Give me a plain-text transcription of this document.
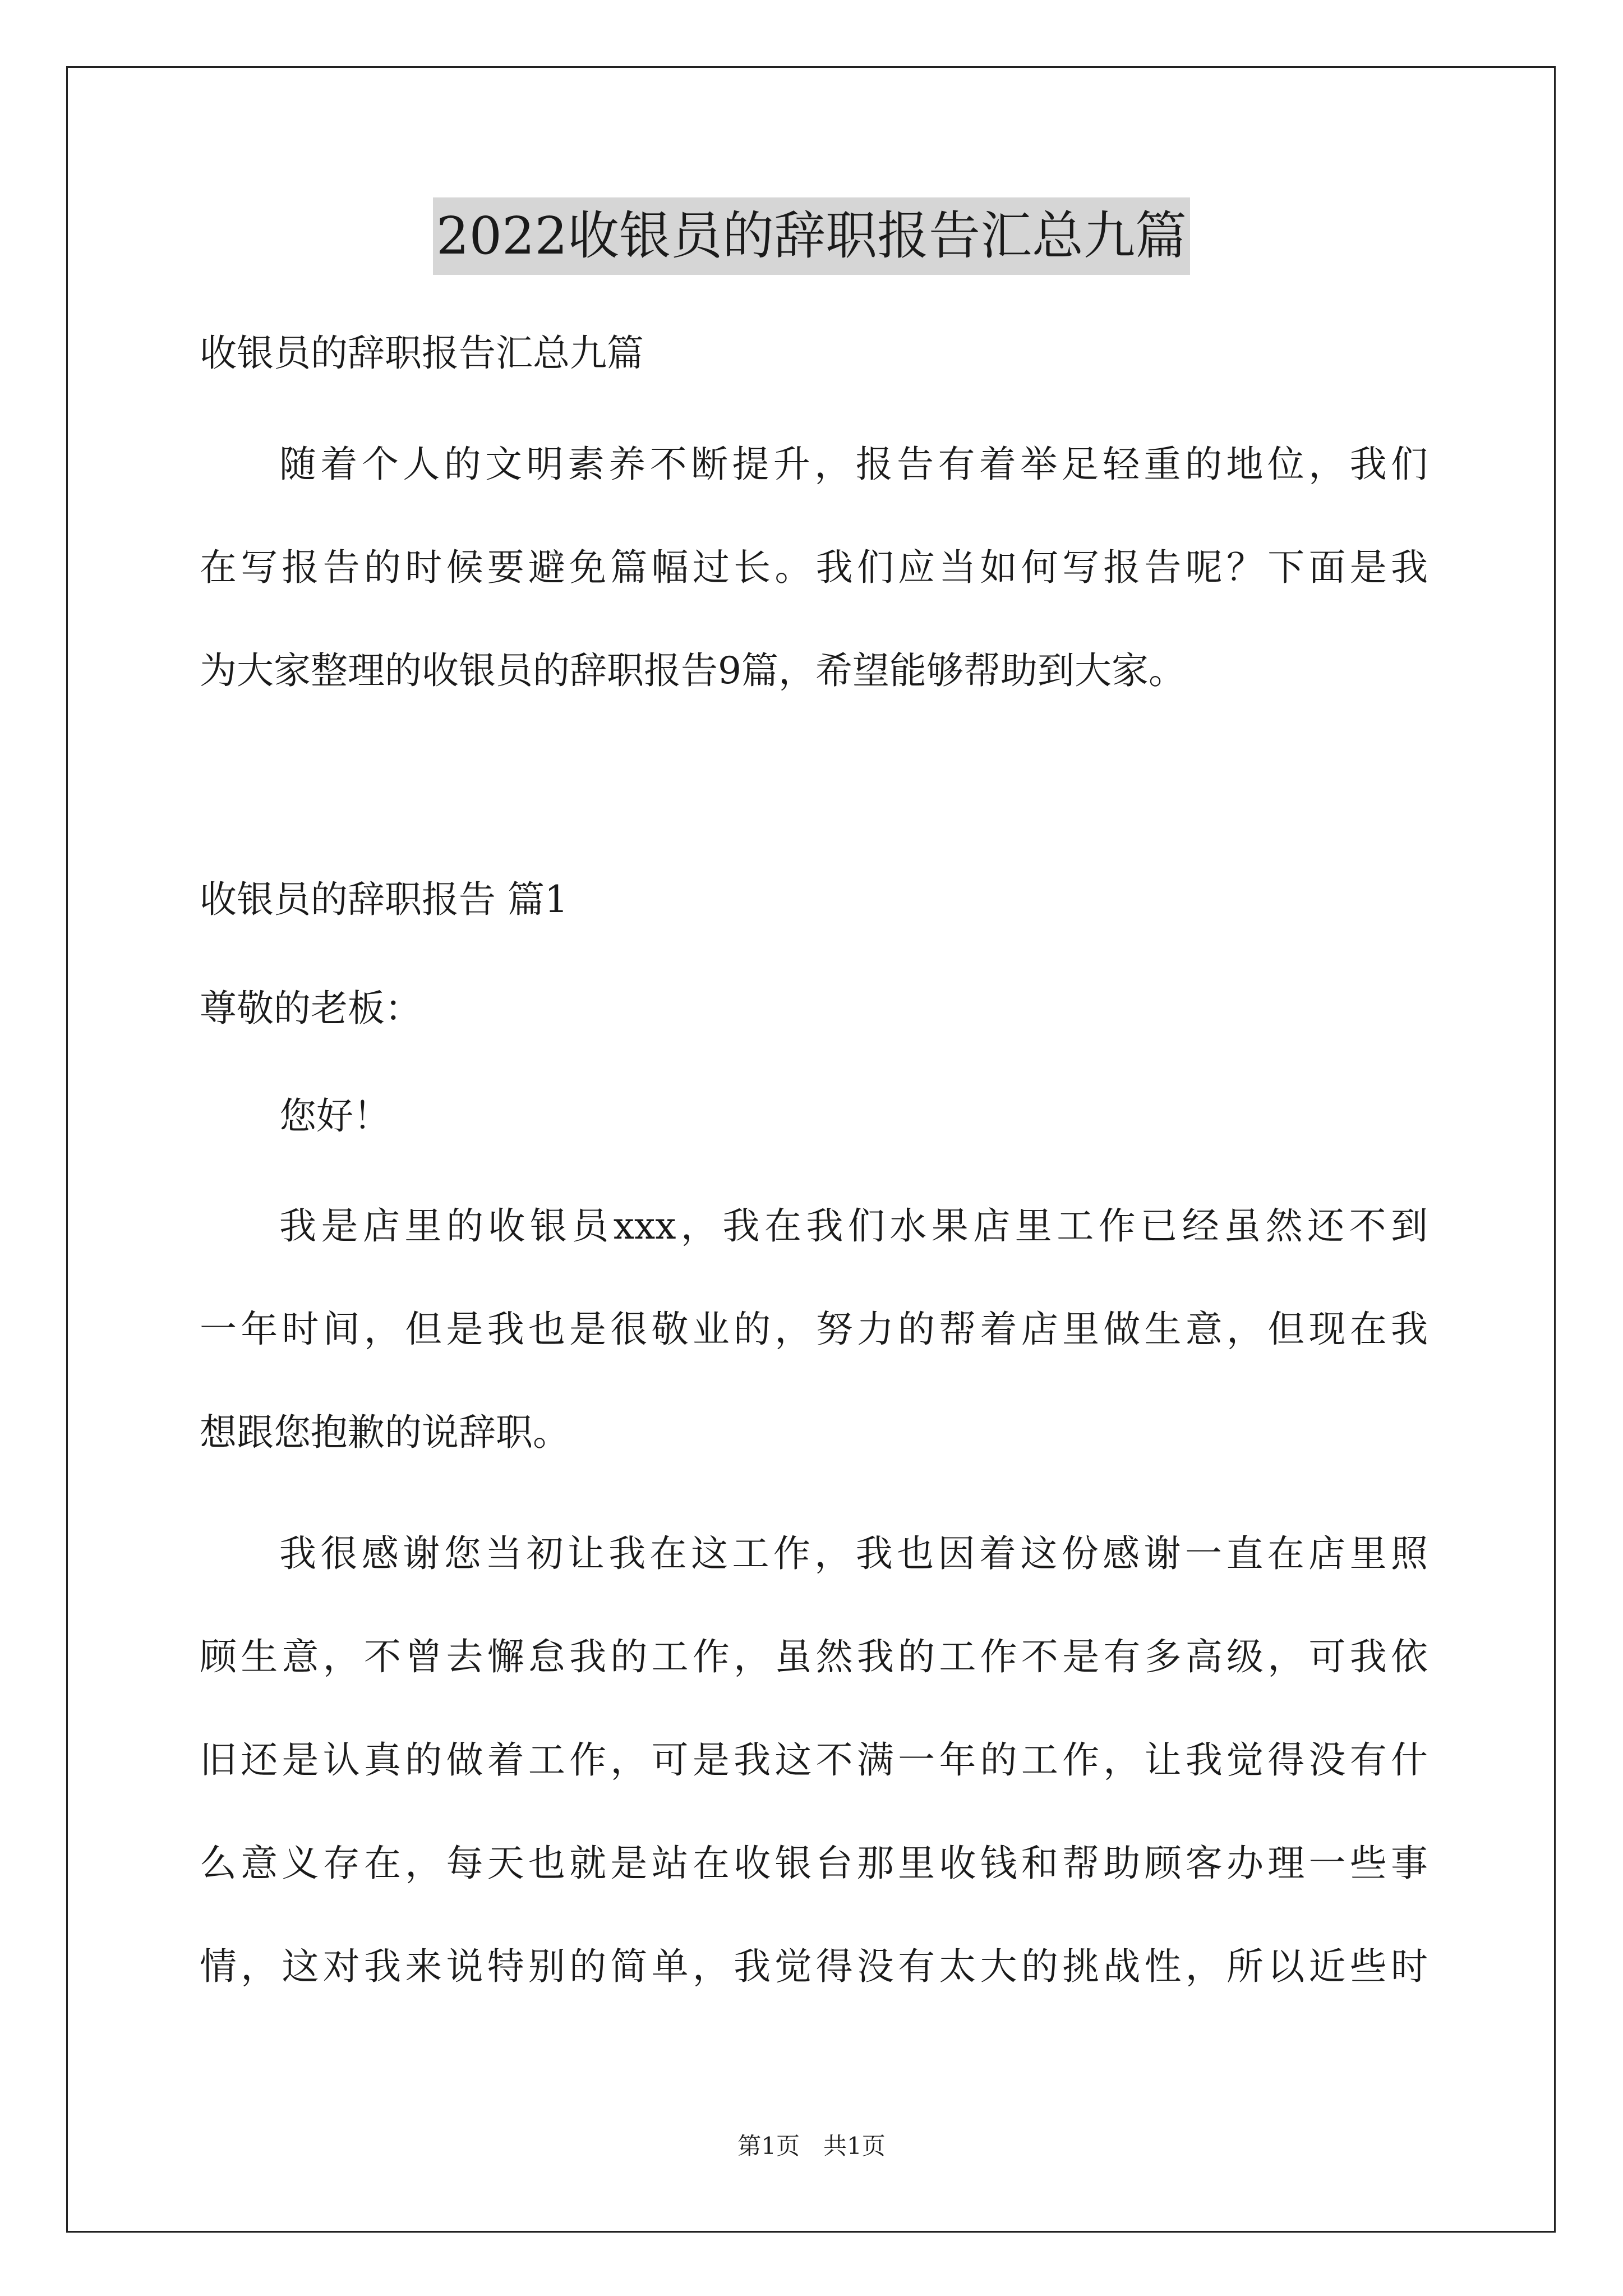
2022收银员的辞职报告汇总九篇
收银员的辞职报告汇总九篇
随着个人的文明素养不断提升，报告有着举足轻重的地位，我们
在写报告的时候要避免篇幅过长。我们应当如何写报告呢？下面是我
为大家整理的收银员的辞职报告9篇，希望能够帮助到大家。
收银员的辞职报告 篇1
尊敬的老板：
您好！
我是店里的收银员xxx，我在我们水果店里工作已经虽然还不到
一年时间，但是我也是很敬业的，努力的帮着店里做生意，但现在我
想跟您抱歉的说辞职。
我很感谢您当初让我在这工作，我也因着这份感谢一直在店里照
顾生意，不曾去懈怠我的工作，虽然我的工作不是有多高级，可我依
旧还是认真的做着工作，可是我这不满一年的工作，让我觉得没有什
么意义存在，每天也就是站在收银台那里收钱和帮助顾客办理一些事
情，这对我来说特别的简单，我觉得没有太大的挑战性，所以近些时
第1页　共1页
